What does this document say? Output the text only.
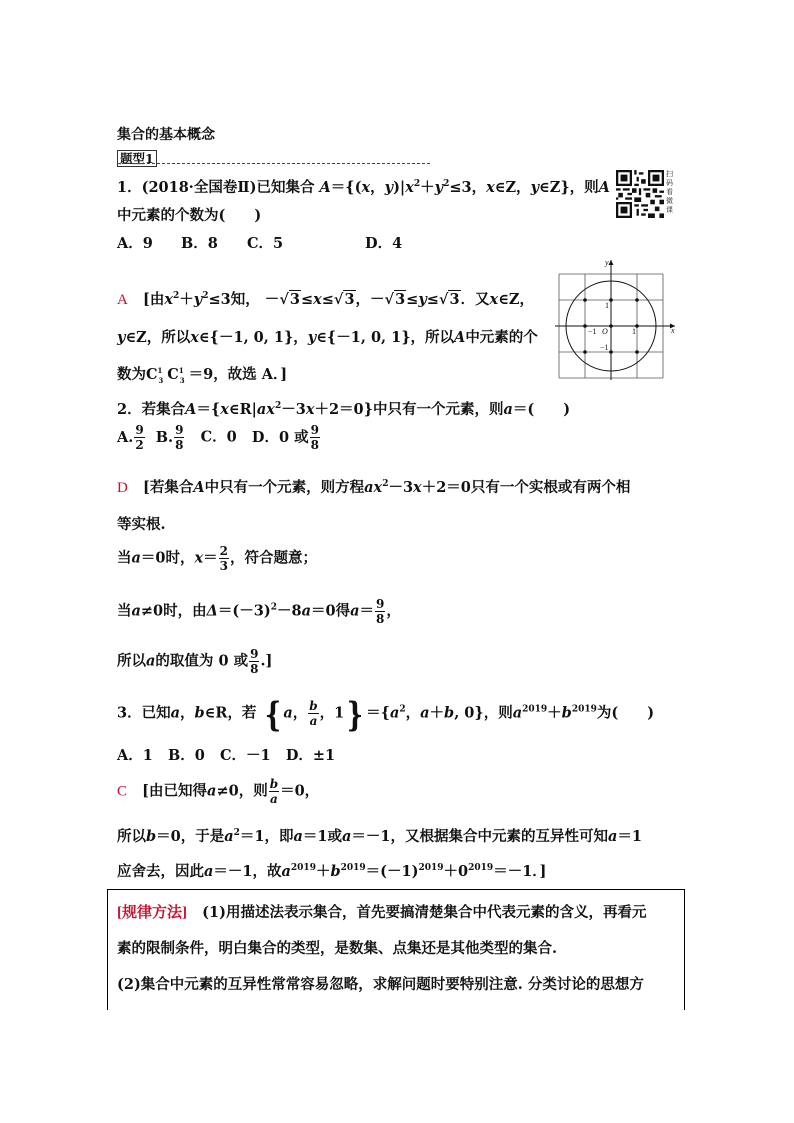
集合的基本概念
题型1
扫码看微课
1．(2018·全国卷Ⅱ)已知集合 A＝{(x，$y)|x^2+y^2\le 3$，x∈Z，y∈Z}，则A
中元素的个数为(　　)
A．9 B．8 C．5	D．4
A [由$x^2+y^2\le 3$知， －√3≤x≤√3，－√3≤y≤√3．又x∈Z，
y∈Z，所以x∈{－1, 0, 1}，y∈{－1, 0, 1}，所以A中元素的个
数为$C^1_3$ $C^1_3 =9$，故选 A．]
y
x
O	1
1
−1
−1
2．若集合$A=\{x\in R|ax^2-3x+2=0\}$中只有一个元素，则a＝(　　)
A. $\frac{9}{2} B$. $\frac{9}{8}$ C．0 D．0 或 $\frac{9}{8}$
D [若集合A中只有一个元素，则方程$ax^2-3x+2=0$只有一个实根或有两个相
等实根.
当a＝0时，$x= \frac{2}{3}$ ，符合题意；
当a≠0时，由$\Delta=(-3)^2-8a=0$得$a= \frac{9}{8}$ ，
所以a的取值为 0 或 $\frac{9}{8}$ .]
3．已知a，b∈R，若 { a， $\frac{b}{a}$ ，$1\} =\{a^2$，a＋b, 0}，则$a^{2019}+b^{2019}$为(　　)
A．1 B．0 C．－1 D．±1
C [由已知得a≠0，则 $\frac{b}{a} =0$，
所以b＝0，于是$a^2=1$，即a＝1或a＝－1，又根据集合中元素的互异性可知a＝1
应舍去，因此a＝－1，故$a^{2019}+b^{2019}=(-1)^{2019}+0^{2019}=-1$．]
[规律方法] (1)用描述法表示集合，首先要搞清楚集合中代表元素的含义，再看元
素的限制条件，明白集合的类型，是数集、点集还是其他类型的集合.
(2)集合中元素的互异性常常容易忽略，求解问题时要特别注意. 分类讨论的思想方
